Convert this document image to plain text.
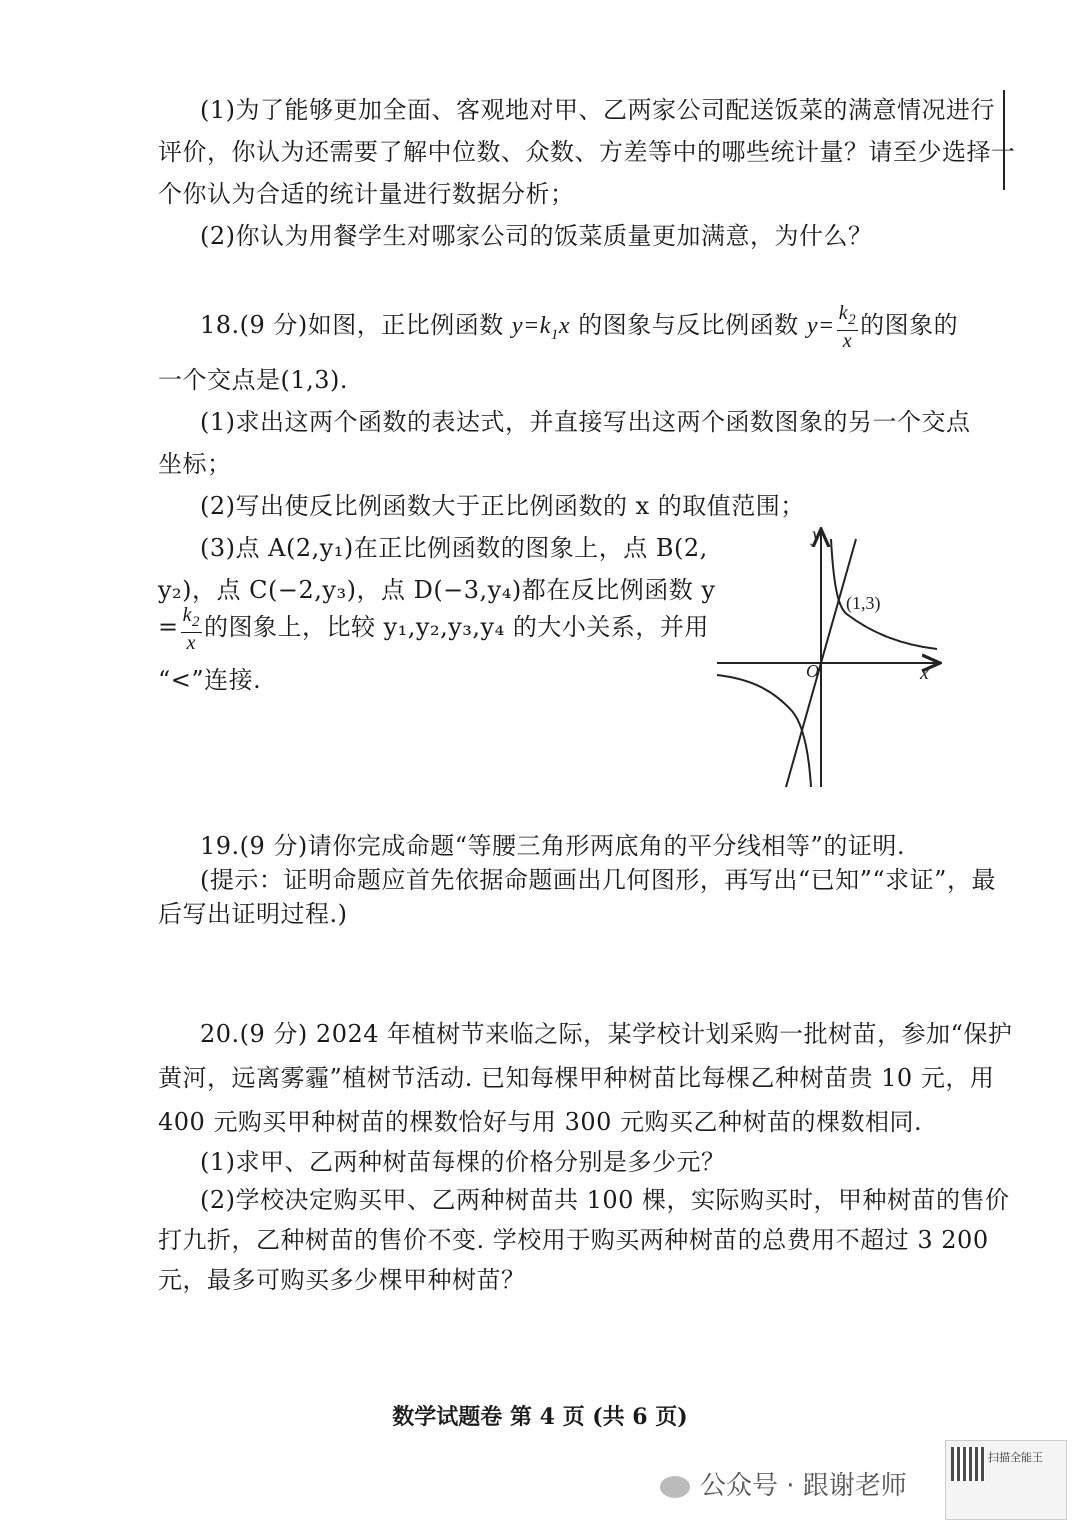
(1)为了能够更加全面、客观地对甲、乙两家公司配送饭菜的满意情况进行
评价，你认为还需要了解中位数、众数、方差等中的哪些统计量？请至少选择一
个你认为合适的统计量进行数据分析；
(2)你认为用餐学生对哪家公司的饭菜质量更加满意，为什么？
18.(9 分)如图，正比例函数 $y=k_1x$ 的图象与反比例函数 $y= \frac{k_2}{x}$ 的图象的
一个交点是(1,3).
(1)求出这两个函数的表达式，并直接写出这两个函数图象的另一个交点
坐标；
(2)写出使反比例函数大于正比例函数的 x 的取值范围；
(3)点 A(2,y₁)在正比例函数的图象上，点 B(2,
y₂)，点 C(−2,y₃)，点 D(−3,y₄)都在反比例函数 y
= $\frac{k_2}{x}$ 的图象上，比较 y₁,y₂,y₃,y₄ 的大小关系，并用
“<”连接.
y
x
O
(1,3)
19.(9 分)请你完成命题“等腰三角形两底角的平分线相等”的证明.
(提示：证明命题应首先依据命题画出几何图形，再写出“已知”“求证”，最
后写出证明过程.)
20.(9 分) 2024 年植树节来临之际，某学校计划采购一批树苗，参加“保护
黄河，远离雾霾”植树节活动. 已知每棵甲种树苗比每棵乙种树苗贵 10 元，用
400 元购买甲种树苗的棵数恰好与用 300 元购买乙种树苗的棵数相同.
(1)求甲、乙两种树苗每棵的价格分别是多少元？
(2)学校决定购买甲、乙两种树苗共 100 棵，实际购买时，甲种树苗的售价
打九折，乙种树苗的售价不变. 学校用于购买两种树苗的总费用不超过 3 200
元，最多可购买多少棵甲种树苗？
数学试题卷 第 4 页 (共 6 页)
公众号 · 跟谢老师
扫描全能王
